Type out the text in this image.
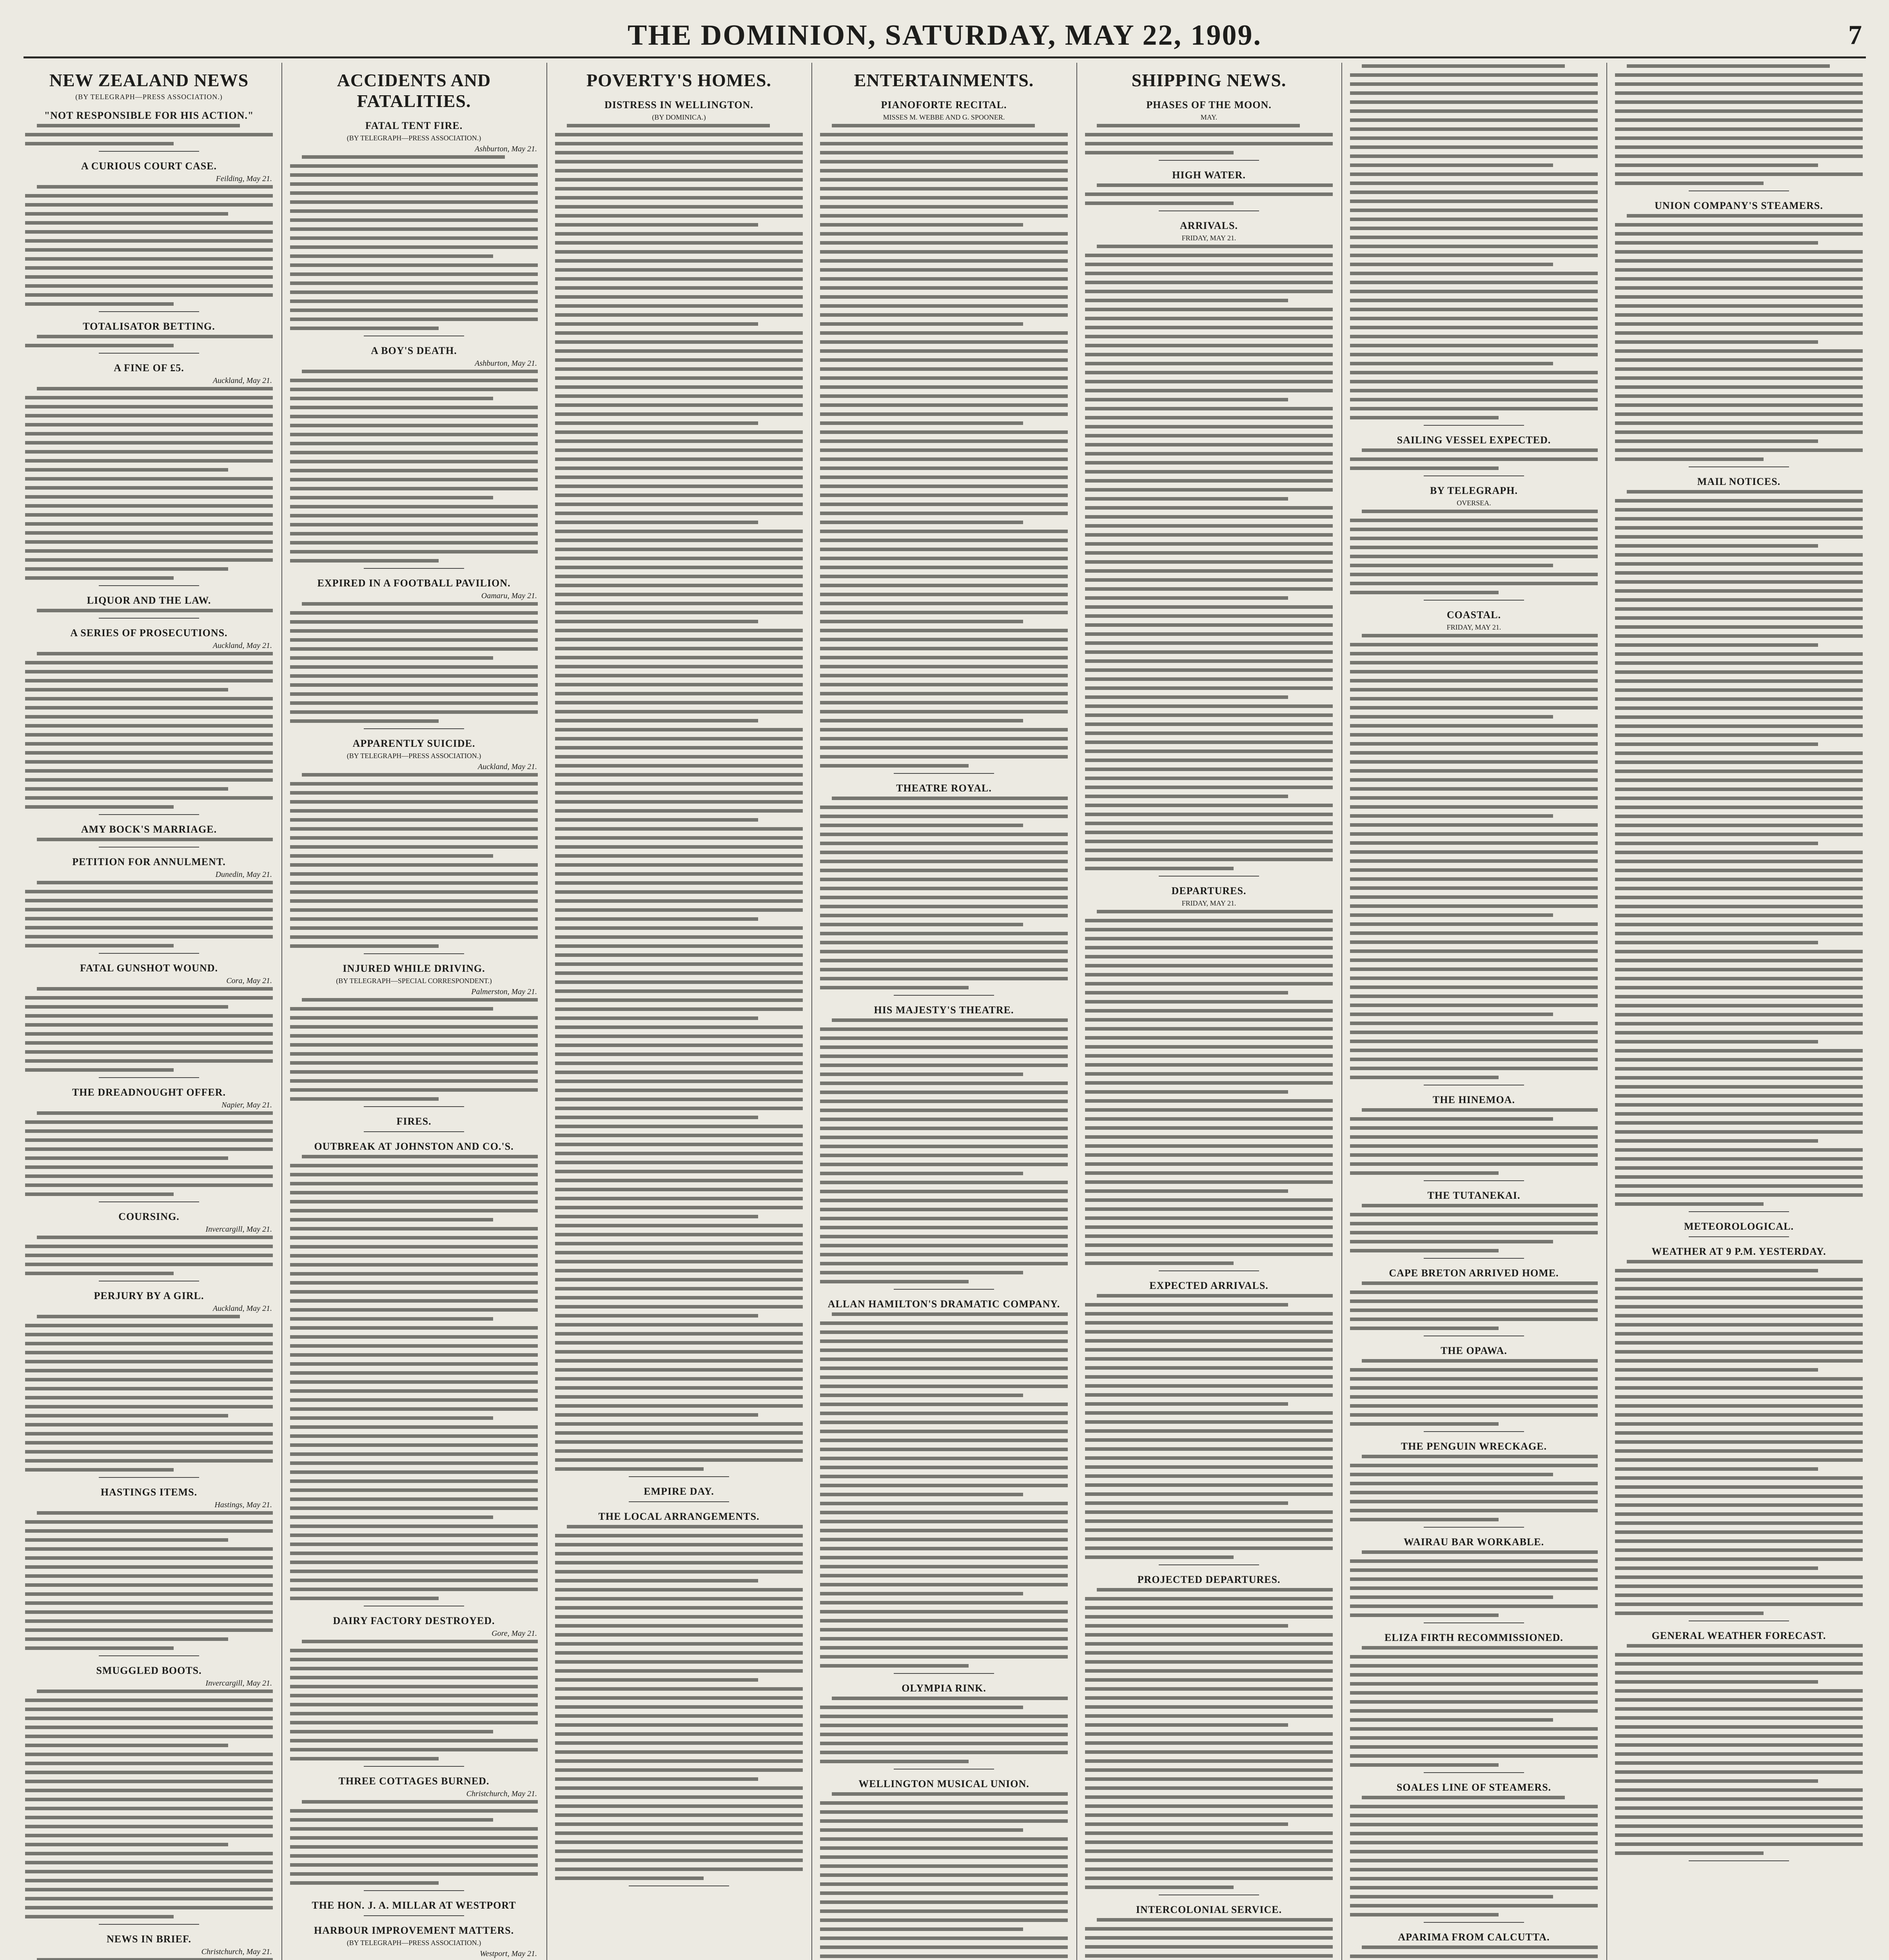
THE DOMINION, SATURDAY, MAY 22, 1909.	7
NEW ZEALAND NEWS
(BY TELEGRAPH—PRESS ASSOCIATION.)
"NOT RESPONSIBLE FOR HIS ACTION."
A CURIOUS COURT CASE.
Feilding, May 21.
TOTALISATOR BETTING.
A FINE OF £5.
Auckland, May 21.
LIQUOR AND THE LAW.
A SERIES OF PROSECUTIONS.
Auckland, May 21.
AMY BOCK'S MARRIAGE.
PETITION FOR ANNULMENT.
Dunedin, May 21.
FATAL GUNSHOT WOUND.
Cora, May 21.
THE DREADNOUGHT OFFER.
Napier, May 21.
COURSING.
Invercargill, May 21.
PERJURY BY A GIRL.
Auckland, May 21.
HASTINGS ITEMS.
Hastings, May 21.
SMUGGLED BOOTS.
Invercargill, May 21.
NEWS IN BRIEF.
Christchurch, May 21.
ACCIDENTS AND FATALITIES.
FATAL TENT FIRE.
(BY TELEGRAPH—PRESS ASSOCIATION.)
Ashburton, May 21.
A BOY'S DEATH.
Ashburton, May 21.
EXPIRED IN A FOOTBALL PAVILION.
Oamaru, May 21.
APPARENTLY SUICIDE.
(BY TELEGRAPH—PRESS ASSOCIATION.)
Auckland, May 21.
INJURED WHILE DRIVING.
(BY TELEGRAPH—SPECIAL CORRESPONDENT.)
Palmerston, May 21.
FIRES.
OUTBREAK AT JOHNSTON AND CO.'S.
DAIRY FACTORY DESTROYED.
Gore, May 21.
THREE COTTAGES BURNED.
Christchurch, May 21.
THE HON. J. A. MILLAR AT WESTPORT
HARBOUR IMPROVEMENT MATTERS.
(BY TELEGRAPH—PRESS ASSOCIATION.)
Westport, May 21.
POVERTY'S HOMES.
DISTRESS IN WELLINGTON.
(BY DOMINICA.)
EMPIRE DAY.
THE LOCAL ARRANGEMENTS.
ENTERTAINMENTS.
PIANOFORTE RECITAL.
MISSES M. WEBBE AND G. SPOONER.
THEATRE ROYAL.
HIS MAJESTY'S THEATRE.
ALLAN HAMILTON'S DRAMATIC COMPANY.
OLYMPIA RINK.
WELLINGTON MUSICAL UNION.
SHIPPING NEWS.
PHASES OF THE MOON.
MAY.
HIGH WATER.
ARRIVALS.
FRIDAY, MAY 21.
DEPARTURES.
FRIDAY, MAY 21.
EXPECTED ARRIVALS.
PROJECTED DEPARTURES.
INTERCOLONIAL SERVICE.
SAILING VESSEL EXPECTED.
BY TELEGRAPH.
OVERSEA.
COASTAL.
FRIDAY, MAY 21.
THE HINEMOA.
THE TUTANEKAI.
CAPE BRETON ARRIVED HOME.
THE OPAWA.
THE PENGUIN WRECKAGE.
WAIRAU BAR WORKABLE.
ELIZA FIRTH RECOMMISSIONED.
SOALES LINE OF STEAMERS.
APARIMA FROM CALCUTTA.
UNION COMPANY'S STEAMERS.
MAIL NOTICES.
METEOROLOGICAL.
WEATHER AT 9 P.M. YESTERDAY.
GENERAL WEATHER FORECAST.
